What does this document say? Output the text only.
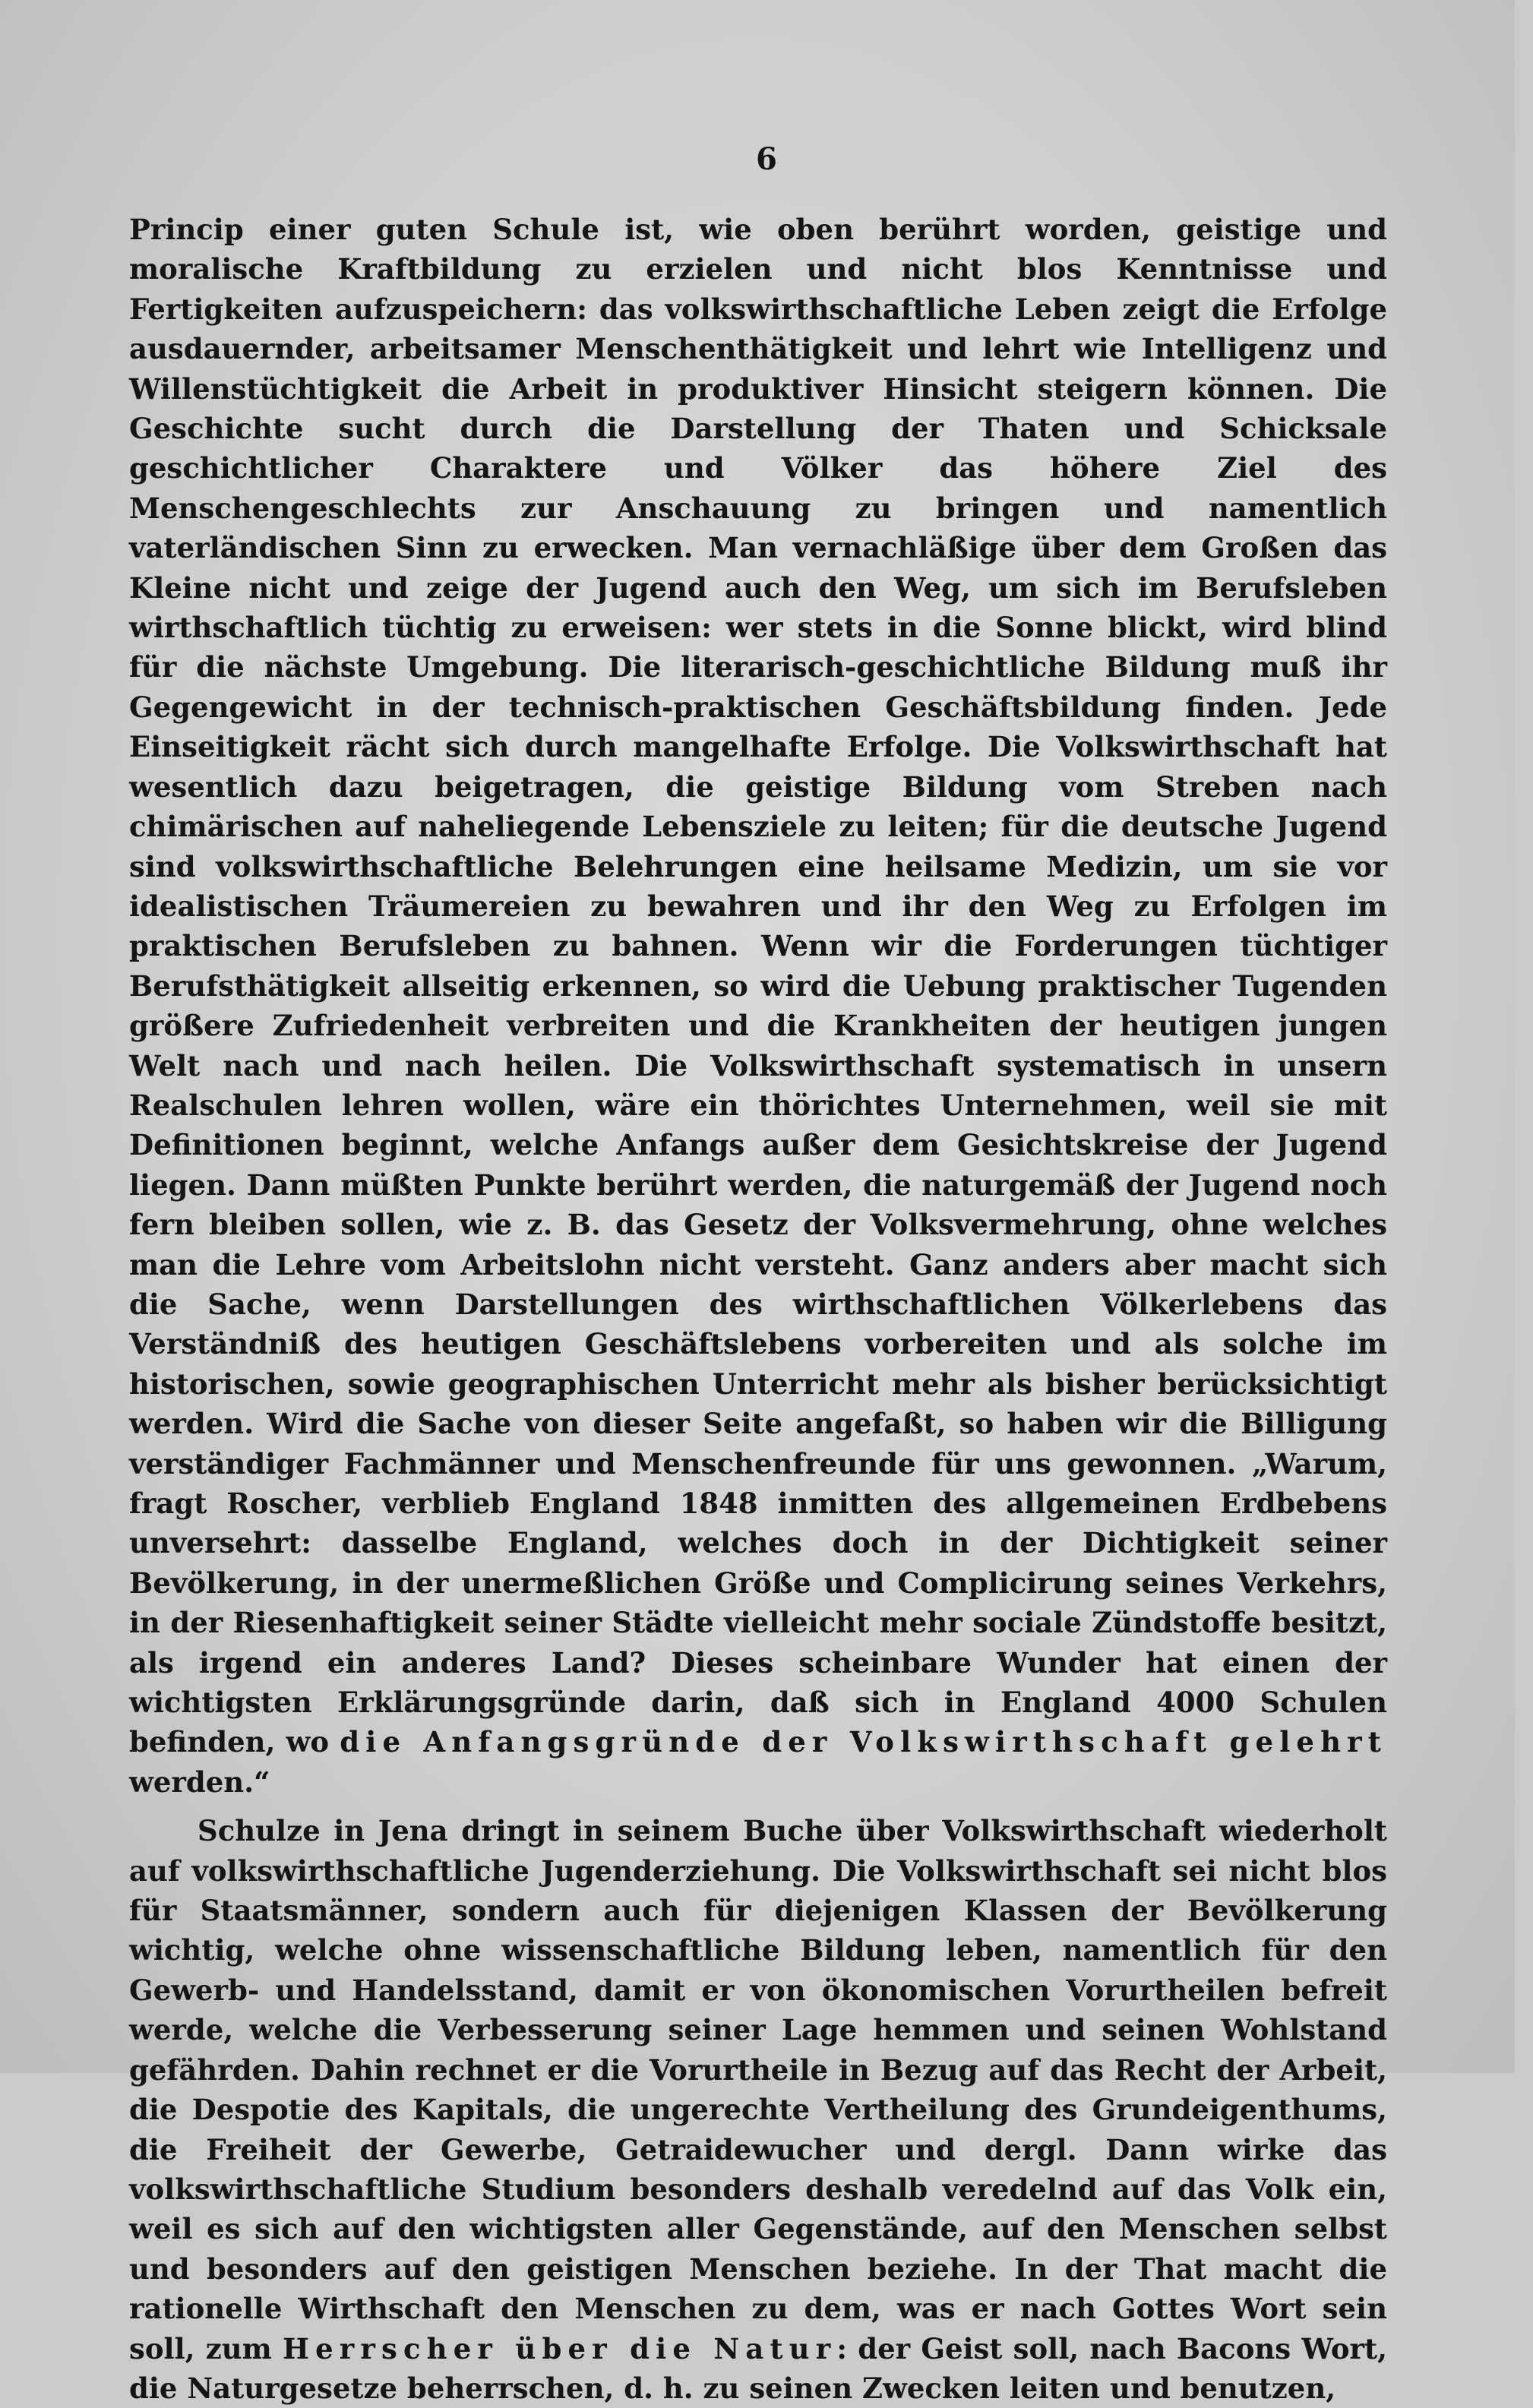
6

Princip einer guten Schule ist, wie oben berührt worden, geistige und moralische Kraftbildung zu erzielen und nicht blos Kenntnisse und Fertigkeiten aufzuspeichern: das volkswirthschaftliche Leben zeigt die Erfolge ausdauernder, arbeitsamer Menschenthätigkeit und lehrt wie Intelligenz und Willenstüchtigkeit die Arbeit in produktiver Hinsicht steigern können. Die Geschichte sucht durch die Darstellung der Thaten und Schicksale geschichtlicher Charaktere und Völker das höhere Ziel des Menschengeschlechts zur Anschauung zu bringen und namentlich vaterländischen Sinn zu erwecken. Man vernachläßige über dem Großen das Kleine nicht und zeige der Jugend auch den Weg, um sich im Berufsleben wirthschaftlich tüchtig zu erweisen: wer stets in die Sonne blickt, wird blind für die nächste Umgebung. Die literarisch-geschichtliche Bildung muß ihr Gegengewicht in der technisch-praktischen Geschäftsbildung finden. Jede Einseitigkeit rächt sich durch mangelhafte Erfolge. Die Volkswirthschaft hat wesentlich dazu beigetragen, die geistige Bildung vom Streben nach chimärischen auf naheliegende Lebensziele zu leiten; für die deutsche Jugend sind volkswirthschaftliche Belehrungen eine heilsame Medizin, um sie vor idealistischen Träumereien zu bewahren und ihr den Weg zu Erfolgen im praktischen Berufsleben zu bahnen. Wenn wir die Forderungen tüchtiger Berufsthätigkeit allseitig erkennen, so wird die Uebung praktischer Tugenden größere Zufriedenheit verbreiten und die Krankheiten der heutigen jungen Welt nach und nach heilen. Die Volkswirthschaft systematisch in unsern Realschulen lehren wollen, wäre ein thörichtes Unternehmen, weil sie mit Definitionen beginnt, welche Anfangs außer dem Gesichtskreise der Jugend liegen. Dann müßten Punkte berührt werden, die naturgemäß der Jugend noch fern bleiben sollen, wie z. B. das Gesetz der Volksvermehrung, ohne welches man die Lehre vom Arbeitslohn nicht versteht. Ganz anders aber macht sich die Sache, wenn Darstellungen des wirthschaftlichen Völkerlebens das Verständniß des heutigen Geschäftslebens vorbereiten und als solche im historischen, sowie geographischen Unterricht mehr als bisher berücksichtigt werden. Wird die Sache von dieser Seite angefaßt, so haben wir die Billigung verständiger Fachmänner und Menschenfreunde für uns gewonnen. „Warum, fragt Roscher, verblieb England 1848 inmitten des allgemeinen Erdbebens unversehrt: dasselbe England, welches doch in der Dichtigkeit seiner Bevölkerung, in der unermeßlichen Größe und Complicirung seines Verkehrs, in der Riesenhaftigkeit seiner Städte vielleicht mehr sociale Zündstoffe besitzt, als irgend ein anderes Land? Dieses scheinbare Wunder hat einen der wichtigsten Erklärungsgründe darin, daß sich in England 4000 Schulen befinden, wo die Anfangsgründe der Volkswirthschaft gelehrt werden.“

Schulze in Jena dringt in seinem Buche über Volkswirthschaft wiederholt auf volkswirthschaftliche Jugenderziehung. Die Volkswirthschaft sei nicht blos für Staatsmänner, sondern auch für diejenigen Klassen der Bevölkerung wichtig, welche ohne wissenschaftliche Bildung leben, namentlich für den Gewerb- und Handelsstand, damit er von ökonomischen Vorurtheilen befreit werde, welche die Verbesserung seiner Lage hemmen und seinen Wohlstand gefährden. Dahin rechnet er die Vorurtheile in Bezug auf das Recht der Arbeit, die Despotie des Kapitals, die ungerechte Vertheilung des Grundeigenthums, die Freiheit der Gewerbe, Getraidewucher und dergl. Dann wirke das volkswirthschaftliche Studium besonders deshalb veredelnd auf das Volk ein, weil es sich auf den wichtigsten aller Gegenstände, auf den Menschen selbst und besonders auf den geistigen Menschen beziehe. In der That macht die rationelle Wirthschaft den Menschen zu dem, was er nach Gottes Wort sein soll, zum Herrscher über die Natur: der Geist soll, nach Bacons Wort, die Naturgesetze beherrschen, d. h. zu seinen Zwecken leiten und benutzen,
